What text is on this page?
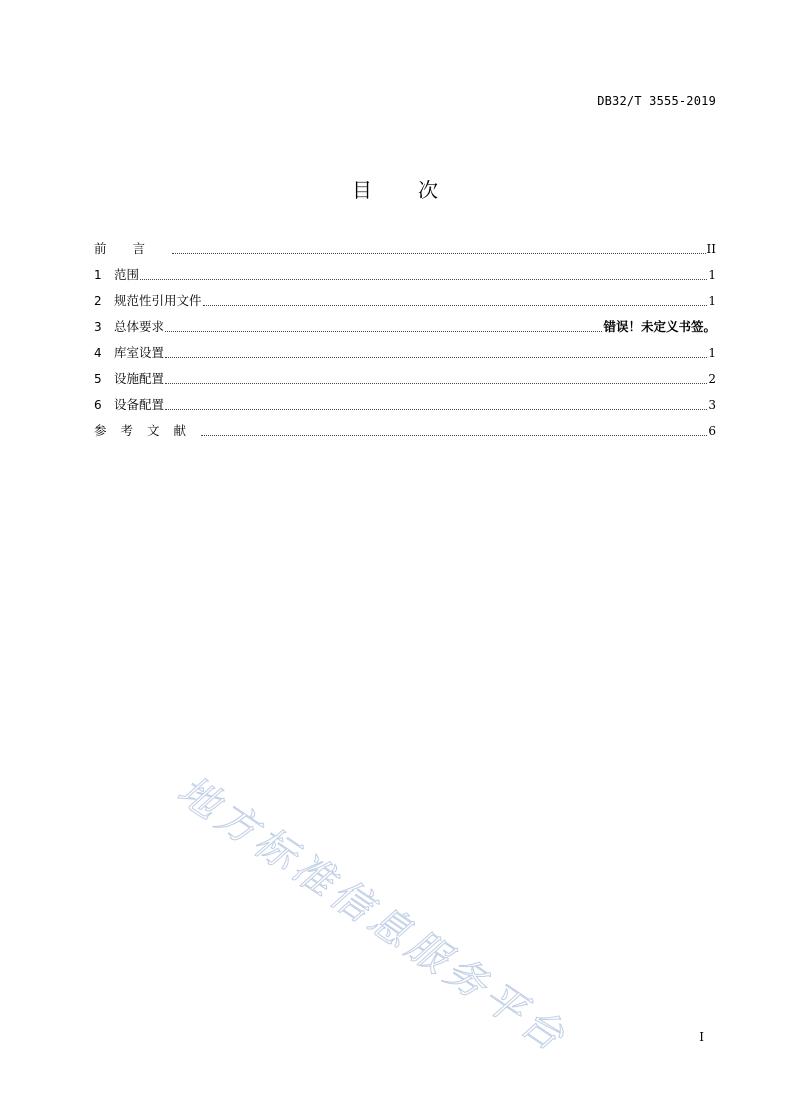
DB32/T 3555-2019
目 次
前言	II
1 范围	1
2 规范性引用文件	1
3 总体要求	错误！未定义书签。
4 库室设置	1
5 设施配置	2
6 设备配置	3
参考文献	6
地方标准信息服务平台	I
